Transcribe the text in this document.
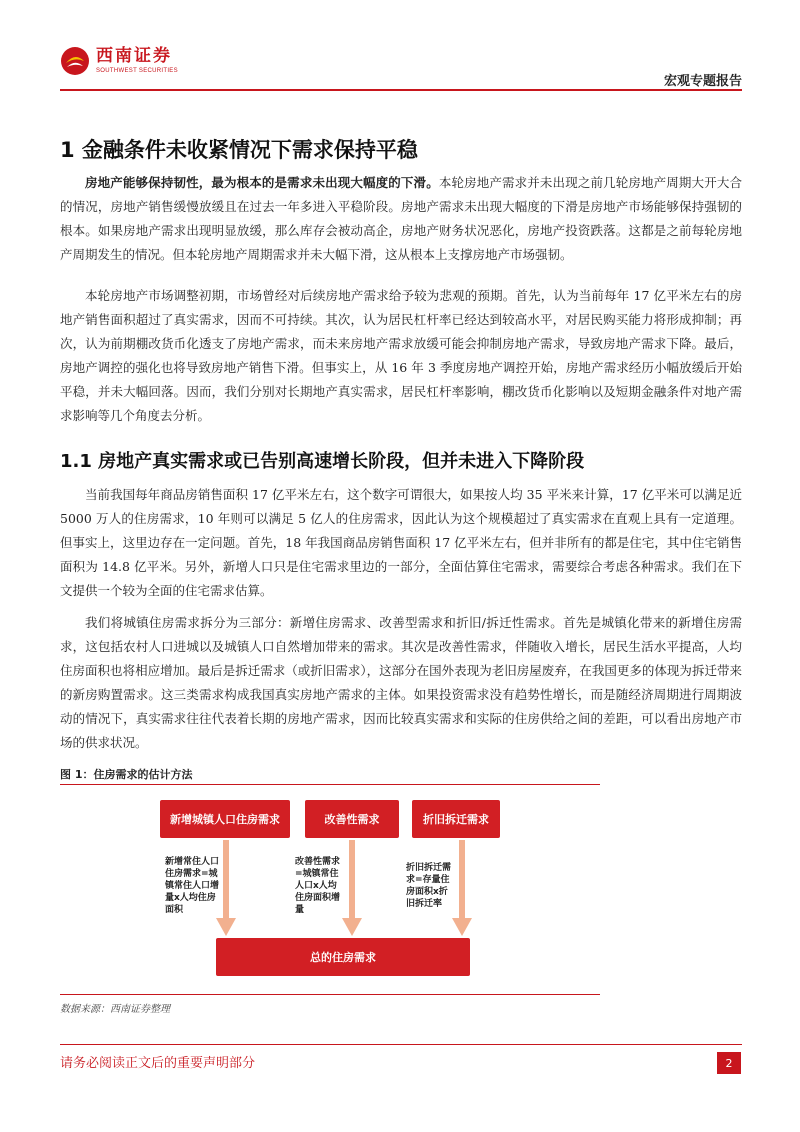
西南证券
SOUTHWEST SECURITIES
宏观专题报告
1 金融条件未收紧情况下需求保持平稳

房地产能够保持韧性，最为根本的是需求未出现大幅度的下滑。本轮房地产需求并未出现之前几轮房地产周期大开大合的情况，房地产销售缓慢放缓且在过去一年多进入平稳阶段。房地产需求未出现大幅度的下滑是房地产市场能够保持强韧的根本。如果房地产需求出现明显放缓，那么库存会被动高企，房地产财务状况恶化，房地产投资跌落。这都是之前每轮房地产周期发生的情况。但本轮房地产周期需求并未大幅下滑，这从根本上支撑房地产市场强韧。

本轮房地产市场调整初期，市场曾经对后续房地产需求给予较为悲观的预期。首先，认为当前每年 17 亿平米左右的房地产销售面积超过了真实需求，因而不可持续。其次，认为居民杠杆率已经达到较高水平，对居民购买能力将形成抑制；再次，认为前期棚改货币化透支了房地产需求，而未来房地产需求放缓可能会抑制房地产需求，导致房地产需求下降。最后，房地产调控的强化也将导致房地产销售下滑。但事实上，从 16 年 3 季度房地产调控开始，房地产需求经历小幅放缓后开始平稳，并未大幅回落。因而，我们分别对长期地产真实需求，居民杠杆率影响，棚改货币化影响以及短期金融条件对地产需求影响等几个角度去分析。

1.1 房地产真实需求或已告别高速增长阶段，但并未进入下降阶段

当前我国每年商品房销售面积 17 亿平米左右，这个数字可谓很大，如果按人均 35 平米来计算，17 亿平米可以满足近 5000 万人的住房需求，10 年则可以满足 5 亿人的住房需求，因此认为这个规模超过了真实需求在直观上具有一定道理。但事实上，这里边存在一定问题。首先，18 年我国商品房销售面积 17 亿平米左右，但并非所有的都是住宅，其中住宅销售面积为 14.8 亿平米。另外，新增人口只是住宅需求里边的一部分，全面估算住宅需求，需要综合考虑各种需求。我们在下文提供一个较为全面的住宅需求估算。

我们将城镇住房需求拆分为三部分：新增住房需求、改善型需求和折旧/拆迁性需求。首先是城镇化带来的新增住房需求，这包括农村人口进城以及城镇人口自然增加带来的需求。其次是改善性需求，伴随收入增长，居民生活水平提高，人均住房面积也将相应增加。最后是拆迁需求（或折旧需求），这部分在国外表现为老旧房屋废弃，在我国更多的体现为拆迁带来的新房购置需求。这三类需求构成我国真实房地产需求的主体。如果投资需求没有趋势性增长，而是随经济周期进行周期波动的情况下，真实需求往往代表着长期的房地产需求，因而比较真实需求和实际的住房供给之间的差距，可以看出房地产市场的供求状况。

图 1：住房需求的估计方法
新增城镇人口住房需求	改善性需求	折旧拆迁需求
新增常住人口
住房需求=城
镇常住人口增
量x人均住房
面积
改善性需求
=城镇常住
人口x人均
住房面积增
量
折旧拆迁需
求=存量住
房面积x折
旧拆迁率
总的住房需求
数据来源：西南证券整理
请务必阅读正文后的重要声明部分	2
